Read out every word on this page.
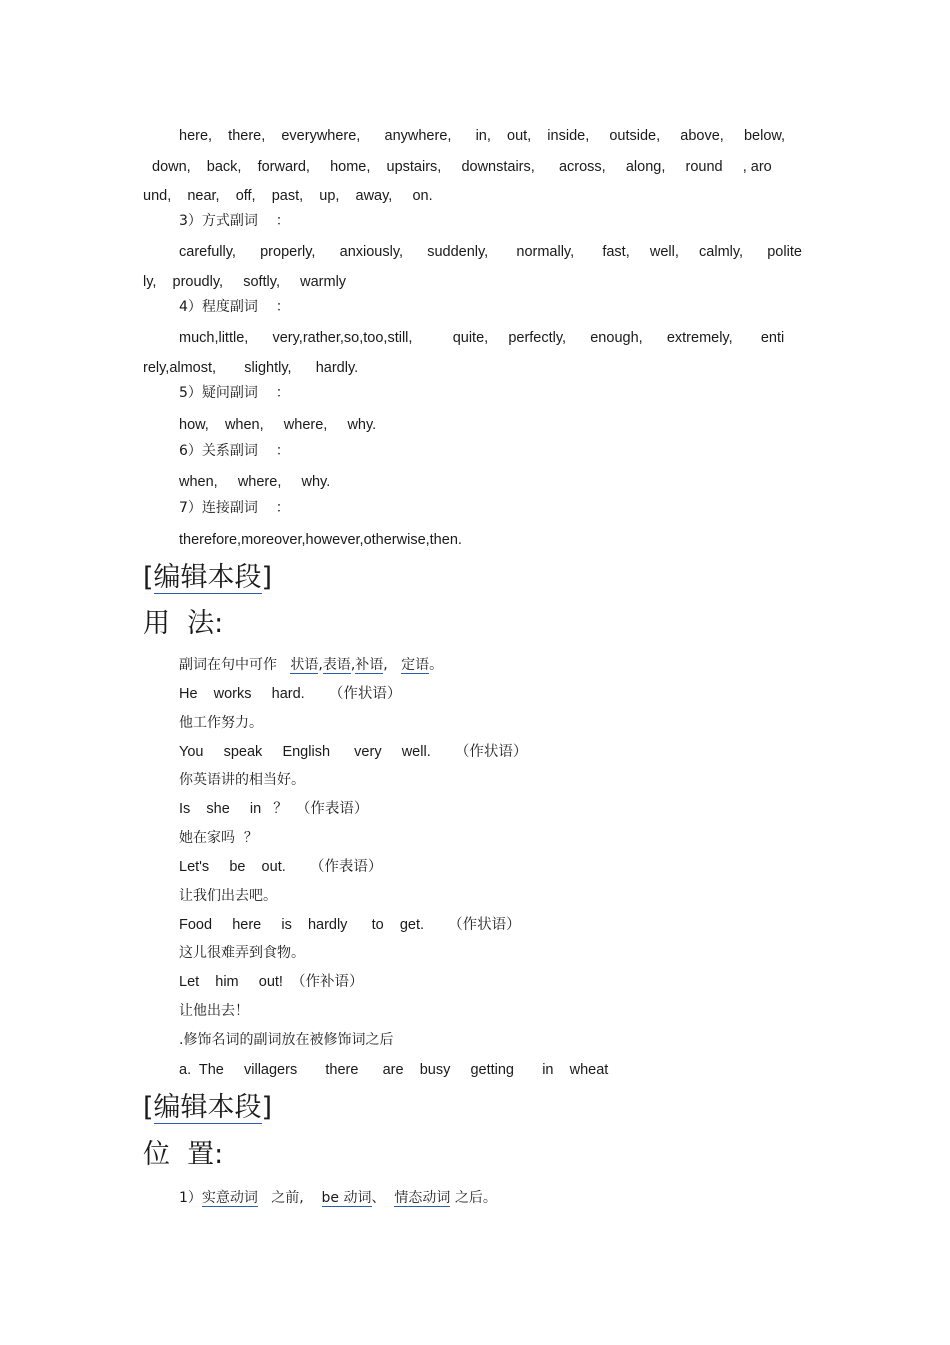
here,    there,    everywhere,      anywhere,      in,    out,    inside,     outside,     above,     below,
down,    back,    forward,     home,    upstairs,     downstairs,      across,     along,     round     , aro
und,    near,    off,    past,    up,    away,     on.
3）方式副词    ：
carefully,      properly,      anxiously,      suddenly,       normally,       fast,     well,     calmly,      polite
ly,    proudly,     softly,     warmly
4）程度副词    ：
much,little,      very,rather,so,too,still,          quite,     perfectly,      enough,      extremely,       enti
rely,almost,       slightly,      hardly.
5）疑问副词    ：
how,    when,     where,     why.
6）关系副词    ：
when,     where,     why.
7）连接副词    ：
therefore,moreover,however,otherwise,then.
[编辑本段]
用  法:
副词在句中可作 状语,表语,补语,   定语。
He    works     hard.      （作状语）
他工作努力。
You     speak     English      very     well.      （作状语）
你英语讲的相当好。
Is    she     in   ？  （作表语）
她在家吗  ？
Let's     be    out.      （作表语）
让我们出去吧。
Food     here     is    hardly      to    get.      （作状语）
这儿很难弄到食物。
Let    him     out!  （作补语）
让他出去！
.修饰名词的副词放在被修饰词之后
a.  The     villagers       there      are    busy     getting       in    wheat
[编辑本段]
位  置:
1）实意动词 之前, be 动词、 情态动词 之后。
